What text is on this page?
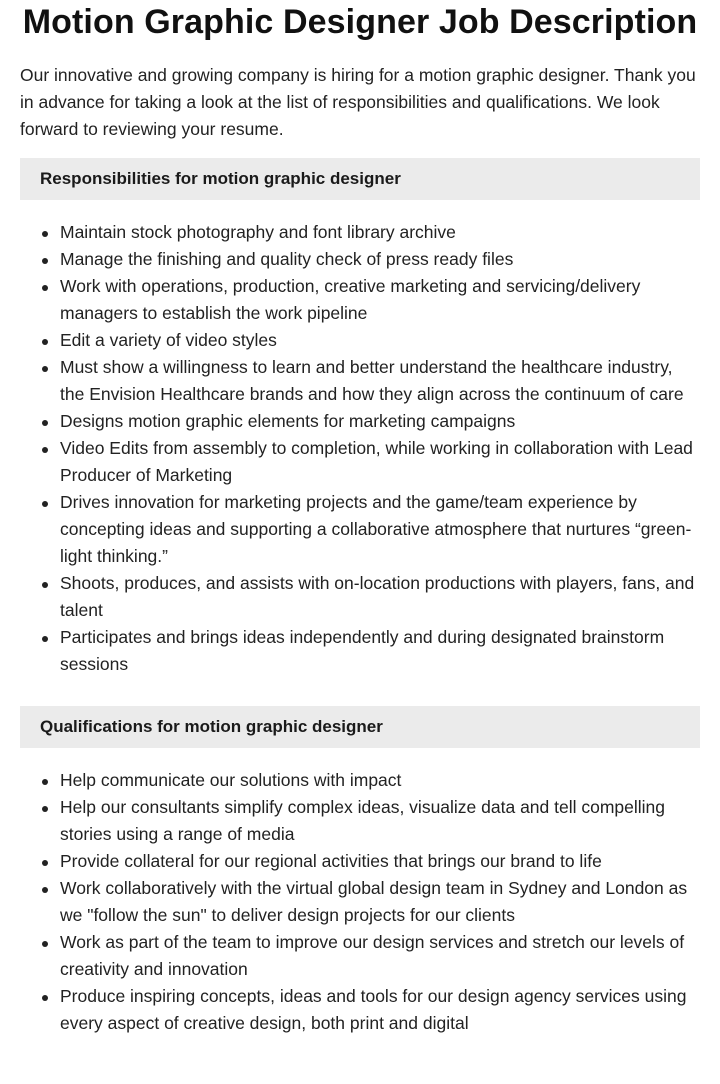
Motion Graphic Designer Job Description

Our innovative and growing company is hiring for a motion graphic designer. Thank you in advance for taking a look at the list of responsibilities and qualifications. We look forward to reviewing your resume.

Responsibilities for motion graphic designer
Maintain stock photography and font library archive
Manage the finishing and quality check of press ready files
Work with operations, production, creative marketing and servicing/delivery managers to establish the work pipeline
Edit a variety of video styles
Must show a willingness to learn and better understand the healthcare industry, the Envision Healthcare brands and how they align across the continuum of care
Designs motion graphic elements for marketing campaigns
Video Edits from assembly to completion, while working in collaboration with Lead Producer of Marketing
Drives innovation for marketing projects and the game/team experience by concepting ideas and supporting a collaborative atmosphere that nurtures “green-light thinking.”
Shoots, produces, and assists with on-location productions with players, fans, and talent
Participates and brings ideas independently and during designated brainstorm sessions
Qualifications for motion graphic designer
Help communicate our solutions with impact
Help our consultants simplify complex ideas, visualize data and tell compelling stories using a range of media
Provide collateral for our regional activities that brings our brand to life
Work collaboratively with the virtual global design team in Sydney and London as we "follow the sun" to deliver design projects for our clients
Work as part of the team to improve our design services and stretch our levels of creativity and innovation
Produce inspiring concepts, ideas and tools for our design agency services using every aspect of creative design, both print and digital
